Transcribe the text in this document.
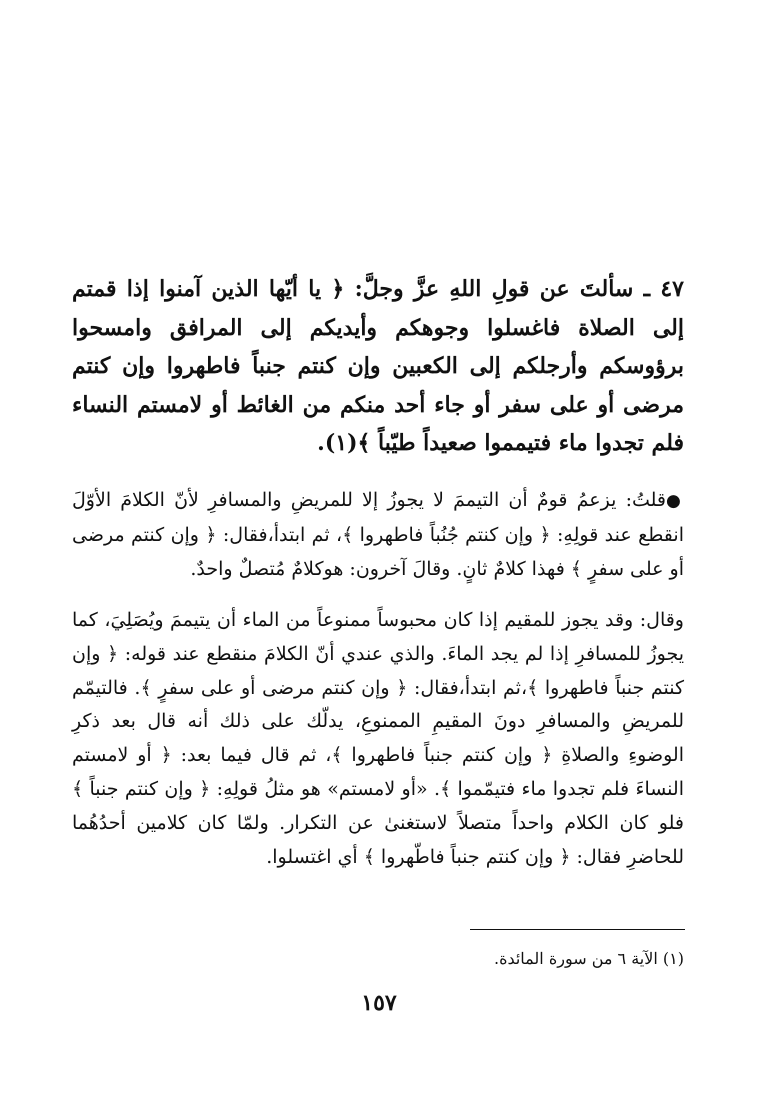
٤٧ ـ سألتَ عن قولِ اللهِ عزَّ وجلَّ: ﴿ يا أيّها الذين آمنوا إذا قمتم إلى الصلاة فاغسلوا وجوهكم وأيديكم إلى المرافق وامسحوا برؤوسكم وأرجلكم إلى الكعبين وإن كنتم جنباً فاطهروا وإن كنتم مرضى أو على سفر أو جاء أحد منكم من الغائط أو لامستم النساء فلم تجدوا ماء فتيمموا صعيداً طيّباً ﴾(١).
●قلتُ: يزعمُ قومٌ أن التيممَ لا يجوزُ إلا للمريضِ والمسافرِ لأنّ الكلامَ الأوّلَ انقطع عند قولِهِ: ﴿ وإن كنتم جُنُباً فاطهروا ﴾، ثم ابتدأ،فقال: ﴿ وإن كنتم مرضى أو على سفرٍ ﴾ فهذا كلامٌ ثانٍ. وقالَ آخرون: هوكلامٌ مُتصلٌ واحدٌ.
وقال: وقد يجوز للمقيم إذا كان محبوساً ممنوعاً من الماء أن يتيممَ ويُصَلِيَ، كما يجوزُ للمسافرِ إذا لم يجد الماءَ. والذي عندي أنّ الكلامَ منقطع عند قوله: ﴿ وإن كنتم جنباً فاطهروا ﴾،ثم ابتدأ،فقال: ﴿ وإن كنتم مرضى أو على سفرٍ ﴾. فالتيمّم للمريضِ والمسافرِ دونَ المقيمِ الممنوعِ، يدلّك على ذلك أنه قال بعد ذكرِ الوضوءِ والصلاةِ ﴿ وإن كنتم جنباً فاطهروا ﴾، ثم قال فيما بعد: ﴿ أو لامستم النساءَ فلم تجدوا ماء فتيمّموا ﴾. «أو لامستم» هو مثلُ قولِهِ: ﴿ وإن كنتم جنباً ﴾ فلو كان الكلام واحداً متصلاً لاستغنىٰ عن التكرار. ولمّا كان كلامين أحدُهُما للحاضرِ فقال: ﴿ وإن كنتم جنباً فاطّهروا ﴾ أي اغتسلوا.
(١) الآية ٦ من سورة المائدة.
١٥٧
